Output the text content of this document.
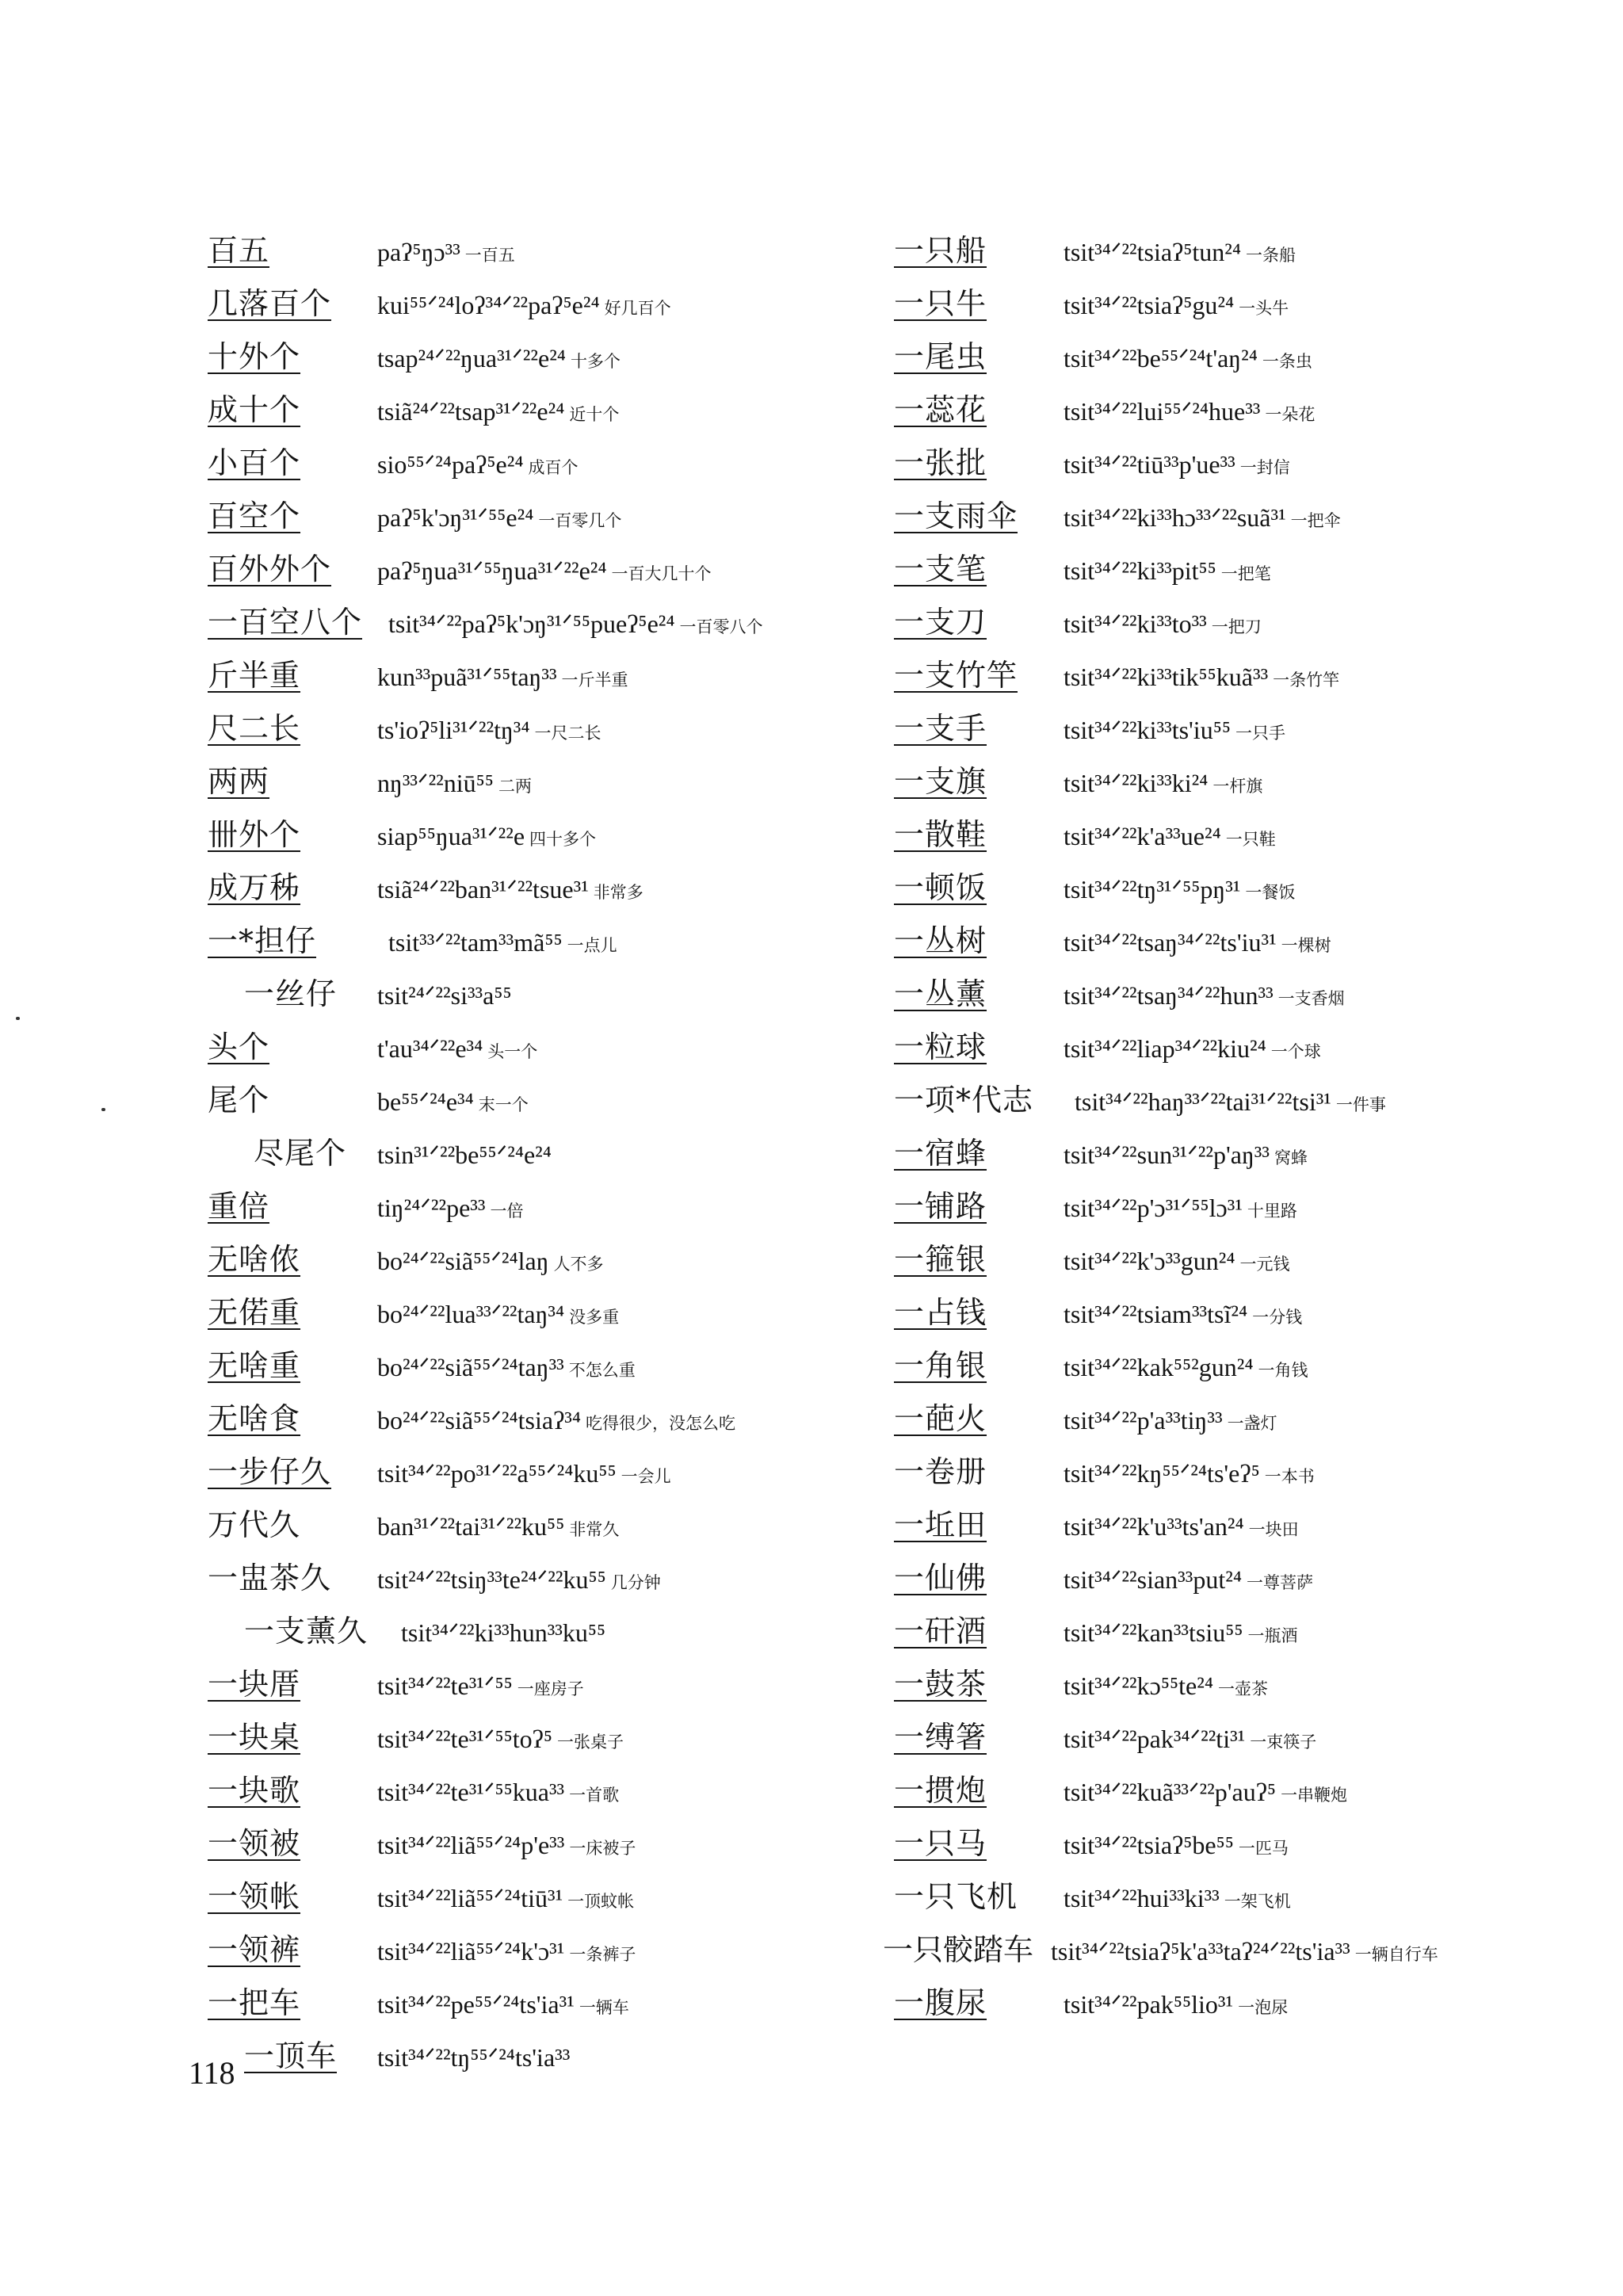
百五	paʔ⁵ŋɔ³³ 一百五
几落百个 kui⁵⁵ᐟ²⁴loʔ³⁴ᐟ²²paʔ⁵e²⁴ 好几百个
十外个	tsap²⁴ᐟ²²ŋua³¹ᐟ²²e²⁴ 十多个
成十个	tsiã²⁴ᐟ²²tsap³¹ᐟ²²e²⁴ 近十个
小百个	sio⁵⁵ᐟ²⁴paʔ⁵e²⁴ 成百个
百空个	paʔ⁵k'ɔŋ³¹ᐟ⁵⁵e²⁴ 一百零几个
百外外个 paʔ⁵ŋua³¹ᐟ⁵⁵ŋua³¹ᐟ²²e²⁴ 一百大几十个
一百空八个 tsit³⁴ᐟ²²paʔ⁵k'ɔŋ³¹ᐟ⁵⁵pueʔ⁵e²⁴ 一百零八个
斤半重	kun³³puã³¹ᐟ⁵⁵taŋ³³ 一斤半重
尺二长	ts'ioʔ⁵li³¹ᐟ²²tŋ³⁴ 一尺二长
两两	nŋ³³ᐟ²²niū⁵⁵ 二两
卌外个	siap⁵⁵ŋua³¹ᐟ²²e 四十多个
成万秭	tsiã²⁴ᐟ²²ban³¹ᐟ²²tsue³¹ 非常多
一*担仔	tsit³³ᐟ²²tam³³mã⁵⁵ 一点儿
一丝仔 tsit²⁴ᐟ²²si³³a⁵⁵
头个	t'au³⁴ᐟ²²e³⁴ 头一个
尾个	be⁵⁵ᐟ²⁴e³⁴ 末一个
尽尾个 tsin³¹ᐟ²²be⁵⁵ᐟ²⁴e²⁴
重倍	tiŋ²⁴ᐟ²²pe³³ 一倍
无啥侬	bo²⁴ᐟ²²siã⁵⁵ᐟ²⁴laŋ 人不多
无偌重	bo²⁴ᐟ²²lua³³ᐟ²²taŋ³⁴ 没多重
无啥重	bo²⁴ᐟ²²siã⁵⁵ᐟ²⁴taŋ³³ 不怎么重
无啥食	bo²⁴ᐟ²²siã⁵⁵ᐟ²⁴tsiaʔ³⁴ 吃得很少，没怎么吃
一步仔久 tsit³⁴ᐟ²²po³¹ᐟ²²a⁵⁵ᐟ²⁴ku⁵⁵ 一会儿
万代久	ban³¹ᐟ²²tai³¹ᐟ²²ku⁵⁵ 非常久
一盅茶久 tsit²⁴ᐟ²²tsiŋ³³te²⁴ᐟ²²ku⁵⁵ 几分钟
一支薰久 tsit³⁴ᐟ²²ki³³hun³³ku⁵⁵
一块厝	tsit³⁴ᐟ²²te³¹ᐟ⁵⁵ 一座房子
一块桌	tsit³⁴ᐟ²²te³¹ᐟ⁵⁵toʔ⁵ 一张桌子
一块歌	tsit³⁴ᐟ²²te³¹ᐟ⁵⁵kua³³ 一首歌
一领被	tsit³⁴ᐟ²²liã⁵⁵ᐟ²⁴p'e³³ 一床被子
一领帐	tsit³⁴ᐟ²²liã⁵⁵ᐟ²⁴tiū³¹ 一顶蚊帐
一领裤	tsit³⁴ᐟ²²liã⁵⁵ᐟ²⁴k'ɔ³¹ 一条裤子
一把车	tsit³⁴ᐟ²²pe⁵⁵ᐟ²⁴ts'ia³¹ 一辆车
一顶车 tsit³⁴ᐟ²²tŋ⁵⁵ᐟ²⁴ts'ia³³
一只船	tsit³⁴ᐟ²²tsiaʔ⁵tun²⁴ 一条船
一只牛	tsit³⁴ᐟ²²tsiaʔ⁵gu²⁴ 一头牛
一尾虫	tsit³⁴ᐟ²²be⁵⁵ᐟ²⁴t'aŋ²⁴ 一条虫
一蕊花	tsit³⁴ᐟ²²lui⁵⁵ᐟ²⁴hue³³ 一朵花
一张批	tsit³⁴ᐟ²²tiū³³p'ue³³ 一封信
一支雨伞 tsit³⁴ᐟ²²ki³³hɔ³³ᐟ²²suã³¹ 一把伞
一支笔	tsit³⁴ᐟ²²ki³³pit⁵⁵ 一把笔
一支刀	tsit³⁴ᐟ²²ki³³to³³ 一把刀
一支竹竿 tsit³⁴ᐟ²²ki³³tik⁵⁵kuã³³ 一条竹竿
一支手	tsit³⁴ᐟ²²ki³³ts'iu⁵⁵ 一只手
一支旗	tsit³⁴ᐟ²²ki³³ki²⁴ 一杆旗
一散鞋	tsit³⁴ᐟ²²k'a³³ue²⁴ 一只鞋
一顿饭	tsit³⁴ᐟ²²tŋ³¹ᐟ⁵⁵pŋ³¹ 一餐饭
一丛树	tsit³⁴ᐟ²²tsaŋ³⁴ᐟ²²ts'iu³¹ 一棵树
一丛薰	tsit³⁴ᐟ²²tsaŋ³⁴ᐟ²²hun³³ 一支香烟
一粒球	tsit³⁴ᐟ²²liap³⁴ᐟ²²kiu²⁴ 一个球
一项*代志 tsit³⁴ᐟ²²haŋ³³ᐟ²²tai³¹ᐟ²²tsi³¹ 一件事
一宿蜂	tsit³⁴ᐟ²²sun³¹ᐟ²²p'aŋ³³ 窝蜂
一铺路	tsit³⁴ᐟ²²p'ɔ³¹ᐟ⁵⁵lɔ³¹ 十里路
一箍银	tsit³⁴ᐟ²²k'ɔ³³gun²⁴ 一元钱
一占钱	tsit³⁴ᐟ²²tsiam³³tsĩ²⁴ 一分钱
一角银	tsit³⁴ᐟ²²kak⁵⁵²gun²⁴ 一角钱
一葩火	tsit³⁴ᐟ²²p'a³³tiŋ³³ 一盏灯
一卷册	tsit³⁴ᐟ²²kŋ⁵⁵ᐟ²⁴ts'eʔ⁵ 一本书
一坵田	tsit³⁴ᐟ²²k'u³³ts'an²⁴ 一块田
一仙佛	tsit³⁴ᐟ²²sian³³put²⁴ 一尊菩萨
一矸酒	tsit³⁴ᐟ²²kan³³tsiu⁵⁵ 一瓶酒
一鼓茶	tsit³⁴ᐟ²²kɔ⁵⁵te²⁴ 一壶茶
一缚箸	tsit³⁴ᐟ²²pak³⁴ᐟ²²ti³¹ 一束筷子
一掼炮	tsit³⁴ᐟ²²kuã³³ᐟ²²p'auʔ⁵ 一串鞭炮
一只马	tsit³⁴ᐟ²²tsiaʔ⁵be⁵⁵ 一匹马
一只飞机 tsit³⁴ᐟ²²hui³³ki³³ 一架飞机
一只骹踏车 tsit³⁴ᐟ²²tsiaʔ⁵k'a³³taʔ²⁴ᐟ²²ts'ia³³ 一辆自行车
一腹尿	tsit³⁴ᐟ²²pak⁵⁵lio³¹ 一泡尿
118
